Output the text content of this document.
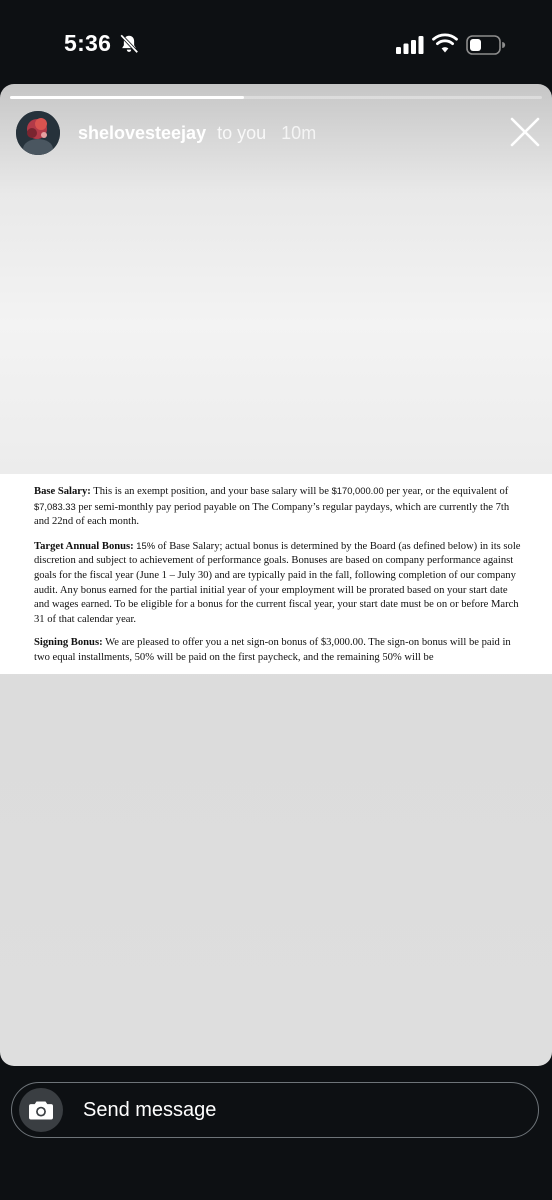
5:36
shelovesteejay to you 10m

Base Salary: This is an exempt position, and your base salary will be $170,000.00 per year, or the equivalent of $7,083.33 per semi-monthly pay period payable on The Company’s regular paydays, which are currently the 7th and 22nd of each month.

Target Annual Bonus: 15% of Base Salary; actual bonus is determined by the Board (as defined below) in its sole discretion and subject to achievement of performance goals. Bonuses are based on company performance against goals for the fiscal year (June 1 – July 30) and are typically paid in the fall, following completion of our company audit. Any bonus earned for the partial initial year of your employment will be prorated based on your start date and wages earned. To be eligible for a bonus for the current fiscal year, your start date must be on or before March 31 of that calendar year.

Signing Bonus: We are pleased to offer you a net sign-on bonus of $3,000.00. The sign-on bonus will be paid in two equal installments, 50% will be paid on the first paycheck, and the remaining 50% will be

Send message
